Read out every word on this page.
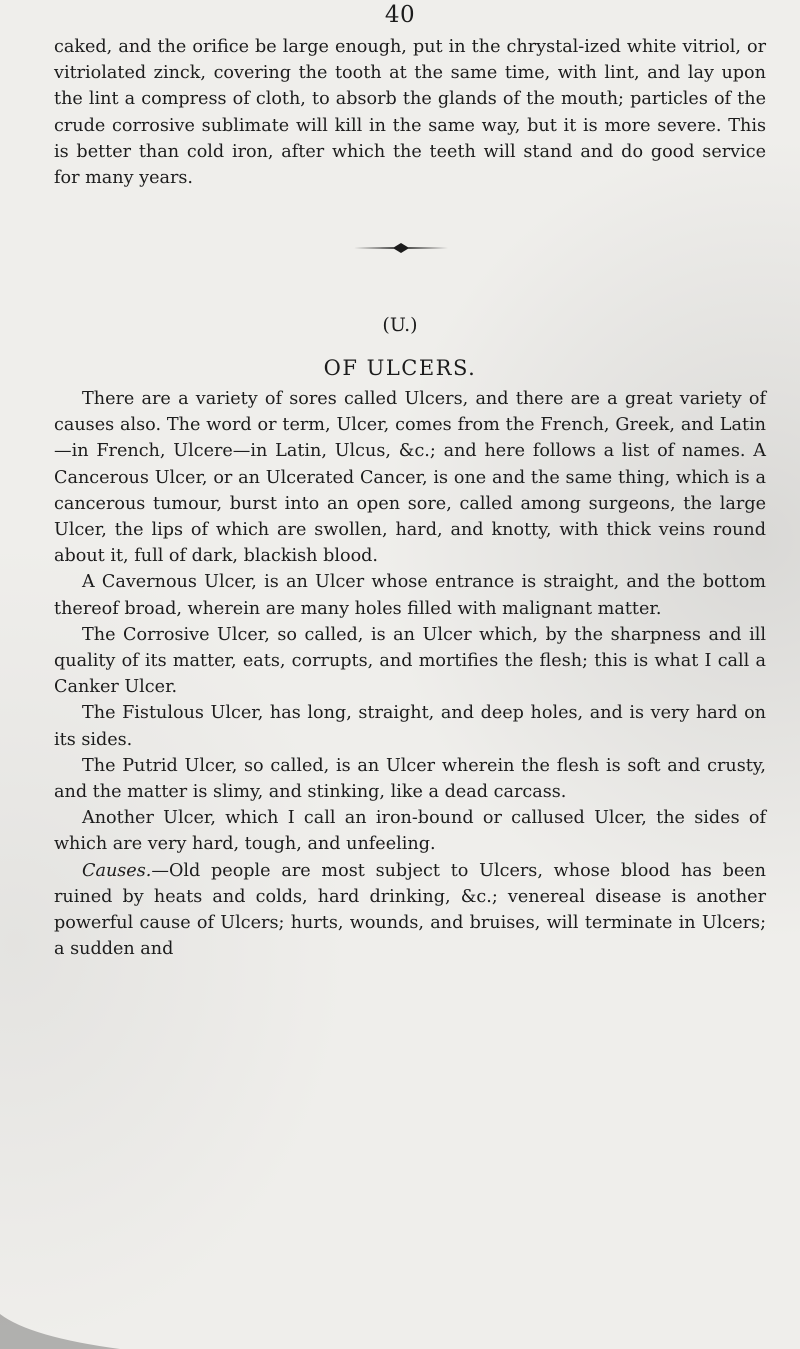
40

caked, and the orifice be large enough, put in the chrystal-ized white vitriol, or vitriolated zinck, covering the tooth at the same time, with lint, and lay upon the lint a compress of cloth, to absorb the glands of the mouth; particles of the crude corrosive sublimate will kill in the same way, but it is more severe. This is better than cold iron, after which the teeth will stand and do good service for many years.

(U.)
OF ULCERS.

There are a variety of sores called Ulcers, and there are a great variety of causes also. The word or term, Ulcer, comes from the French, Greek, and Latin—in French, Ulcere—in Latin, Ulcus, &c.; and here follows a list of names. A Cancerous Ulcer, or an Ulcerated Cancer, is one and the same thing, which is a cancerous tumour, burst into an open sore, called among surgeons, the large Ulcer, the lips of which are swollen, hard, and knotty, with thick veins round about it, full of dark, blackish blood.

A Cavernous Ulcer, is an Ulcer whose entrance is straight, and the bottom thereof broad, wherein are many holes filled with malignant matter.

The Corrosive Ulcer, so called, is an Ulcer which, by the sharpness and ill quality of its matter, eats, corrupts, and mortifies the flesh; this is what I call a Canker Ulcer.

The Fistulous Ulcer, has long, straight, and deep holes, and is very hard on its sides.

The Putrid Ulcer, so called, is an Ulcer wherein the flesh is soft and crusty, and the matter is slimy, and stinking, like a dead carcass.

Another Ulcer, which I call an iron-bound or callused Ulcer, the sides of which are very hard, tough, and unfeeling.

Causes.—Old people are most subject to Ulcers, whose blood has been ruined by heats and colds, hard drinking, &c.; venereal disease is another powerful cause of Ulcers; hurts, wounds, and bruises, will terminate in Ulcers; a sudden and
